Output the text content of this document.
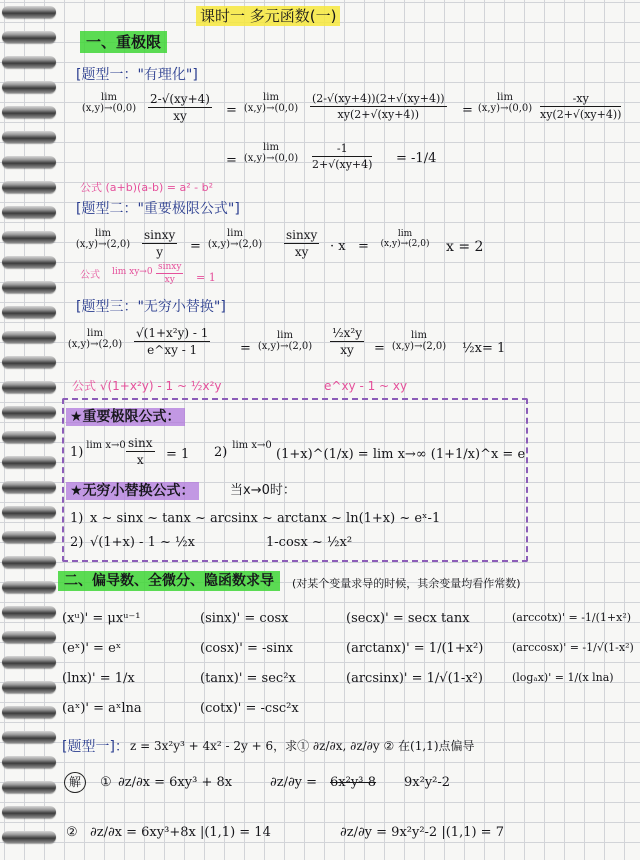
课时一 多元函数(一)
一、重极限
[题型一："有理化"]
lim
$(x,y)\to(0,0) \frac{2-√(xy+4)}{xy}$ =
lim
(x,y)→(0,0)	$\frac{(2-√(xy+4))(2+√(xy+4))}{xy(2+√(xy+4))}$ =
lim
$(x,y)\to(0,0) \frac{-xy}{xy(2+√(xy+4))}$
=
lim
(x,y)→(0,0)	$\frac{-1}{2+√(xy+4)} = -1/4$
公式 (a+b)(a-b) = a² - b²
[题型二："重要极限公式"]
lim
$(x,y)\to(2,0) \frac{\text{sinxy}}{y}$ =
lim
(x,y)→(2,0)	$\frac{\text{sinxy}}{xy} \cdot x$ =
lim
(x,y)→(2,0)	x = 2
公式 $\lim xy\to 0 \frac{\text{sinxy}}{xy} = 1$
[题型三："无穷小替换"]
lim
$(x,y)\to(2,0) \frac{\text{√(1+x²y) - 1}}{e\^{}xy - 1}$ =
lim
(x,y)→(2,0)	$\frac{\text{½x²y}}{xy}$ =
lim
(x,y)→(2,0)	½x = 1
公式 √(1+x²y) - 1 ~ ½x²y	e^xy - 1 ~ xy
★重要极限公式：
1) $\lim x\to 0 \frac{\sin x}{x} = 1$ 2) lim x→0
(1+x)^(1/x) = lim x→∞ (1+1/x)^x = e
★无穷小替换公式：	当x→0时：
1) x ~ sinx ~ tanx ~ arcsinx ~ arctanx ~ ln(1+x) ~ eˣ-1
2) √(1+x) - 1 ~ ½x	1-cosx ~ ½x²
二、偏导数、全微分、隐函数求导	(对某个变量求导的时候，其余变量均看作常数)
(xᵘ)' = μxᵘ⁻¹	(sinx)' = cosx	(secx)' = secx tanx	(arccotx)' = -1/(1+x²)
(eˣ)' = eˣ	(cosx)' = -sinx	(arctanx)' = 1/(1+x²)	(arccosx)' = -1/√(1-x²)
(lnx)' = 1/x	(tanx)' = sec²x	(arcsinx)' = 1/√(1-x²)	(logₐx)' = 1/(x lna)
(aˣ)' = aˣlna	(cotx)' = -csc²x
[题型一]： z = 3x²y³ + 4x² - 2y + 6，求① ∂z/∂x, ∂z/∂y ② 在(1,1)点偏导
解	① ∂z/∂x = 6xy³ + 8x	∂z/∂y = 6x²y³-8 9x²y²-2
② ∂z/∂x = 6xy³+8x |(1,1) = 14	∂z/∂y = 9x²y²-2 |(1,1) = 7
